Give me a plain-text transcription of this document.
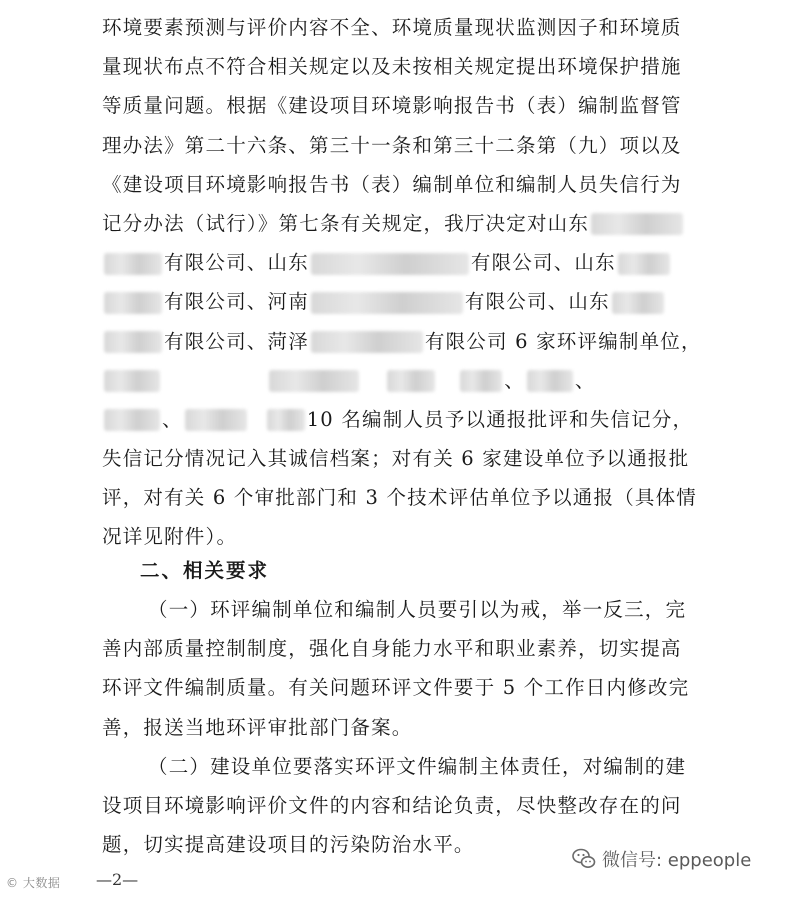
环境要素预测与评价内容不全、环境质量现状监测因子和环境质
量现状布点不符合相关规定以及未按相关规定提出环境保护措施
等质量问题。根据《建设项目环境影响报告书（表）编制监督管
理办法》第二十六条、第三十一条和第三十二条第（九）项以及
《建设项目环境影响报告书（表）编制单位和编制人员失信行为
记分办法（试行）》第七条有关规定，我厅决定对山东
有限公司、山东	有限公司、山东
有限公司、河南	有限公司、山东
有限公司、菏泽	有限公司 6 家环评编制单位，
、	、
、	10 名编制人员予以通报批评和失信记分，
失信记分情况记入其诚信档案；对有关 6 家建设单位予以通报批
评，对有关 6 个审批部门和 3 个技术评估单位予以通报（具体情
况详见附件）。
二、相关要求
（一）环评编制单位和编制人员要引以为戒，举一反三，完
善内部质量控制制度，强化自身能力水平和职业素养，切实提高
环评文件编制质量。有关问题环评文件要于 5 个工作日内修改完
善，报送当地环评审批部门备案。
（二）建设单位要落实环评文件编制主体责任，对编制的建
设项目环境影响评价文件的内容和结论负责，尽快整改存在的问
题，切实提高建设项目的污染防治水平。
© 大数据 —2—
微信号: eppeople
